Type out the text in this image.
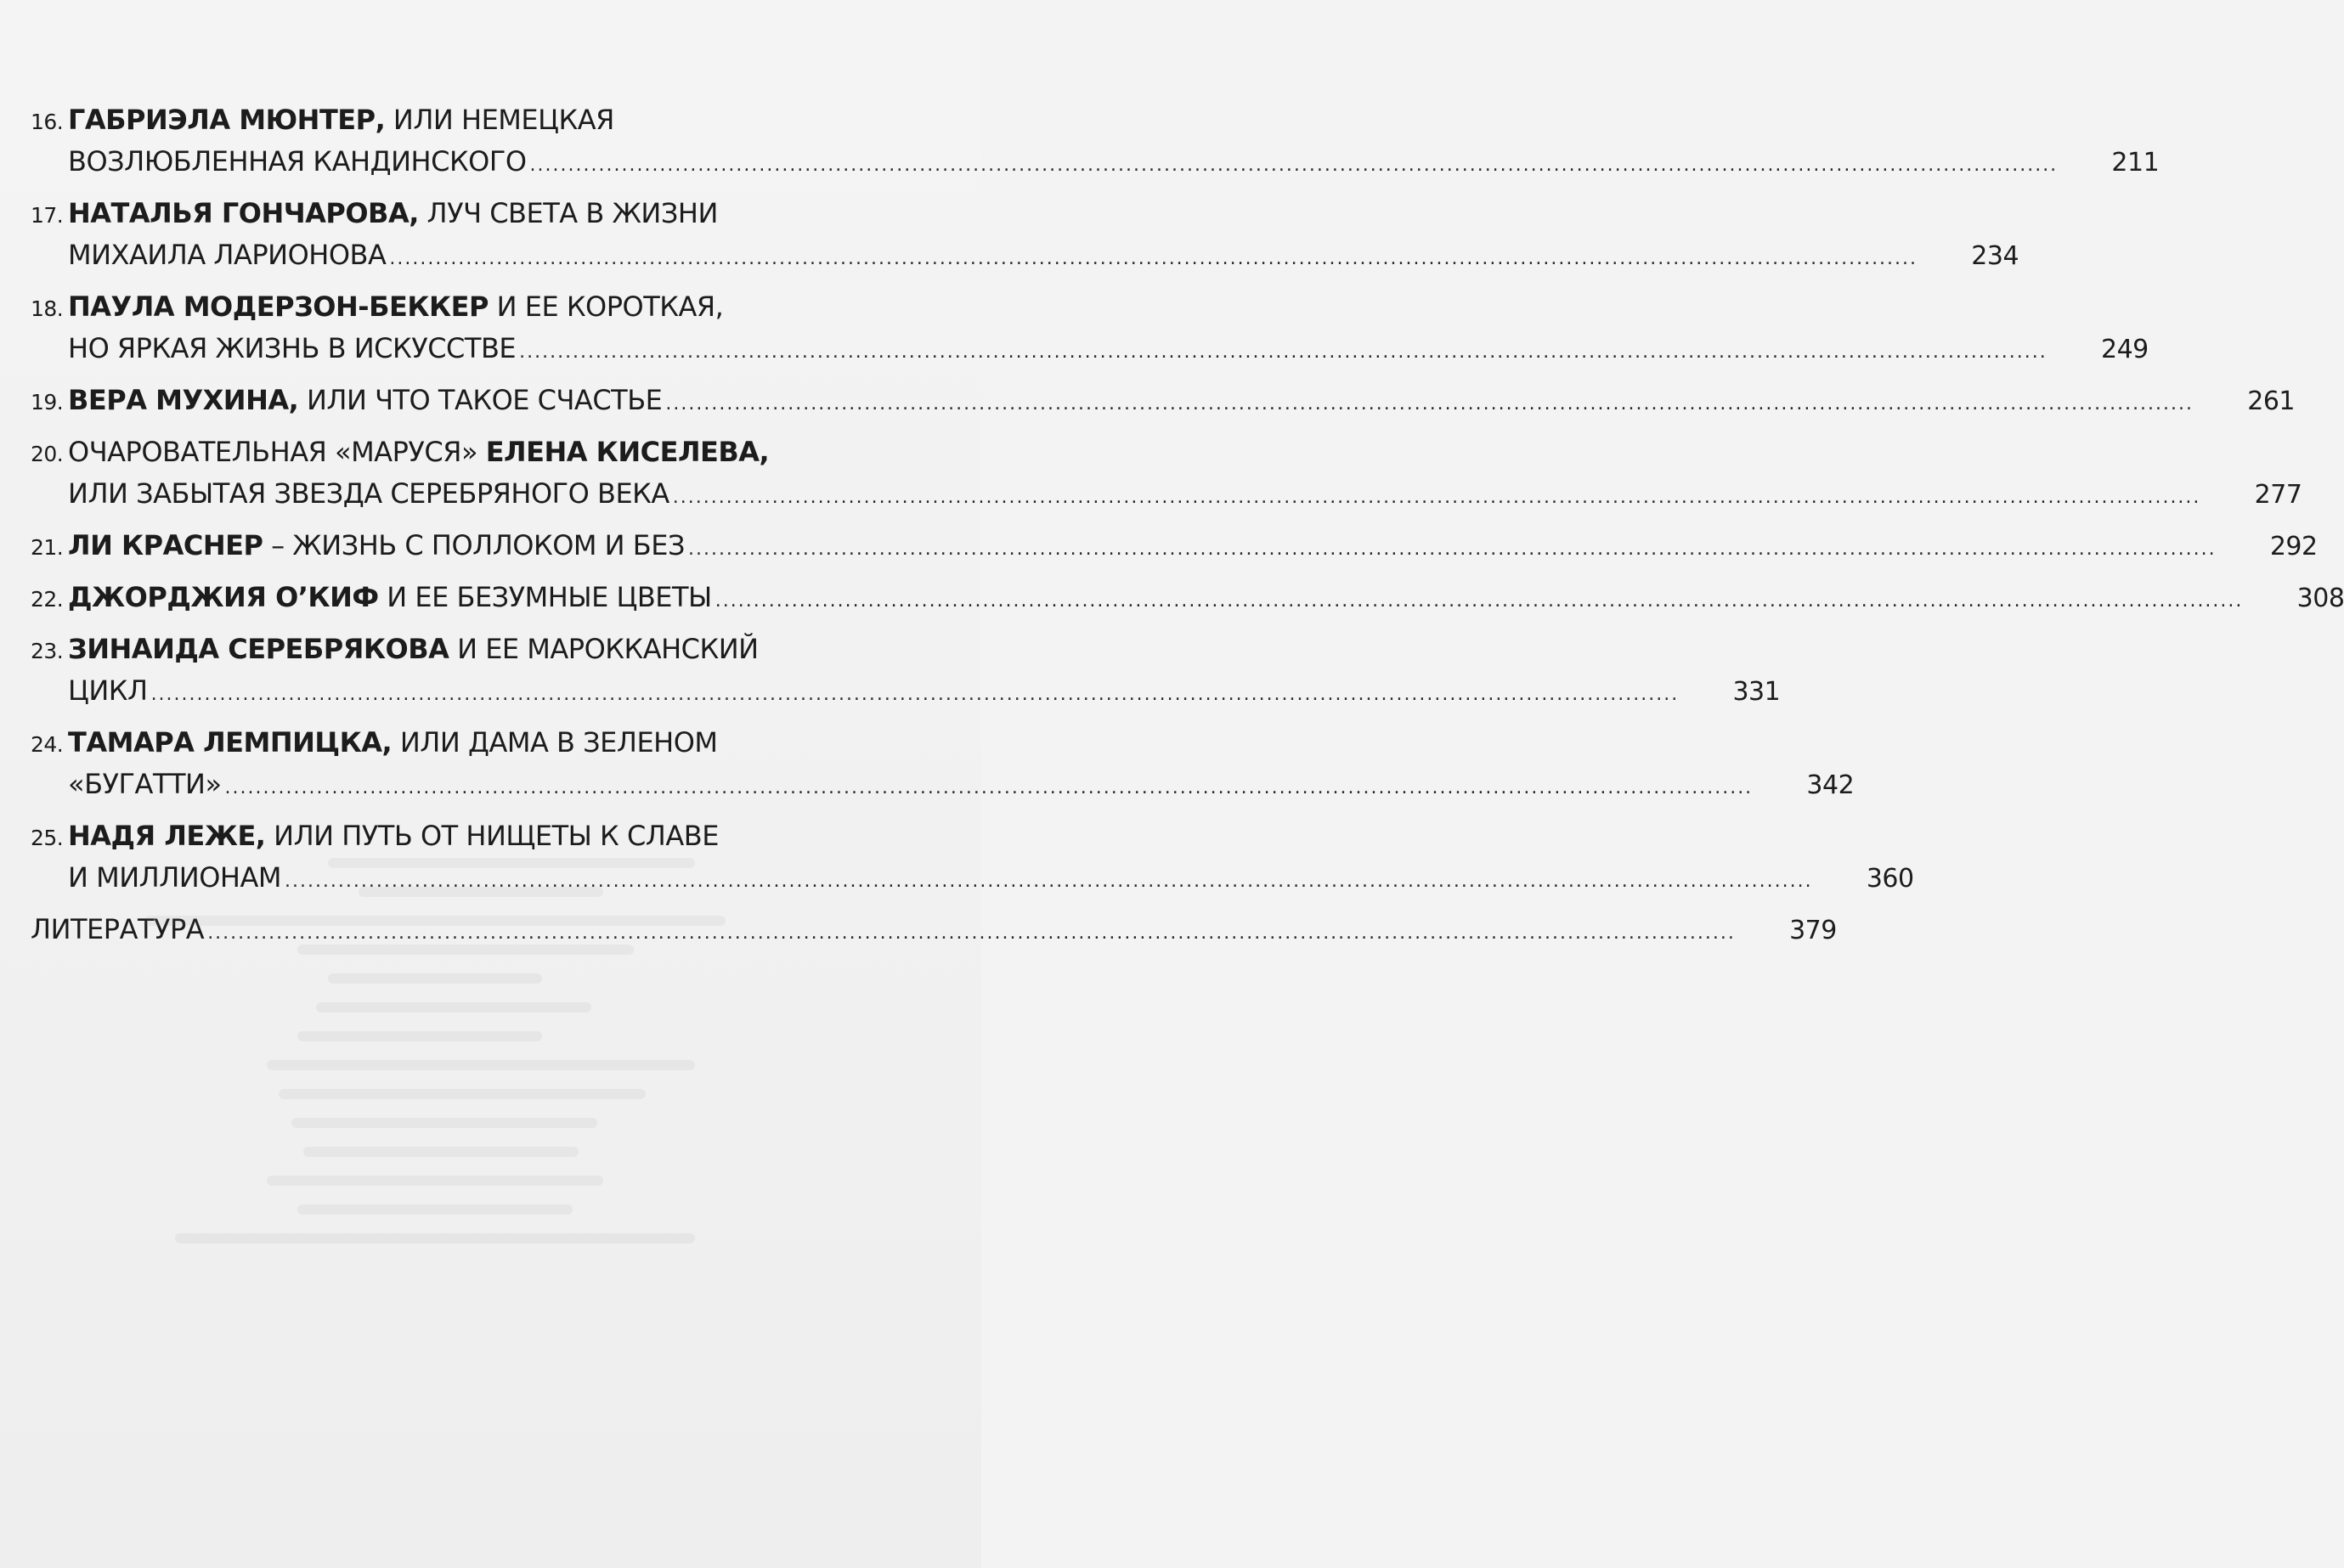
16. ГАБРИЭЛА МЮНТЕР, ИЛИ НЕМЕЦКАЯ
ВОЗЛЮБЛЕННАЯ КАНДИНСКОГО ........................................................................................................................................................................................................	211
17. НАТАЛЬЯ ГОНЧАРОВА, ЛУЧ СВЕТА В ЖИЗНИ
МИХАИЛА ЛАРИОНОВА ........................................................................................................................................................................................................	234
18. ПАУЛА МОДЕРЗОН-БЕККЕР И ЕЕ КОРОТКАЯ,
НО ЯРКАЯ ЖИЗНЬ В ИСКУССТВЕ ........................................................................................................................................................................................................	249
19. ВЕРА МУХИНА, ИЛИ ЧТО ТАКОЕ СЧАСТЬЕ ........................................................................................................................................................................................................	261
20. ОЧАРОВАТЕЛЬНАЯ «МАРУСЯ» ЕЛЕНА КИСЕЛЕВА,
ИЛИ ЗАБЫТАЯ ЗВЕЗДА СЕРЕБРЯНОГО ВЕКА ........................................................................................................................................................................................................	277
21. ЛИ КРАСНЕР – ЖИЗНЬ С ПОЛЛОКОМ И БЕЗ ........................................................................................................................................................................................................	292
22. ДЖОРДЖИЯ О’КИФ И ЕЕ БЕЗУМНЫЕ ЦВЕТЫ ........................................................................................................................................................................................................	308
23. ЗИНАИДА СЕРЕБРЯКОВА И ЕЕ МАРОККАНСКИЙ
ЦИКЛ ........................................................................................................................................................................................................	331
24. ТАМАРА ЛЕМПИЦКА, ИЛИ ДАМА В ЗЕЛЕНОМ
«БУГАТТИ» ........................................................................................................................................................................................................	342
25. НАДЯ ЛЕЖЕ, ИЛИ ПУТЬ ОТ НИЩЕТЫ К СЛАВЕ
И МИЛЛИОНАМ ........................................................................................................................................................................................................	360
ЛИТЕРАТУРА ........................................................................................................................................................................................................	379
